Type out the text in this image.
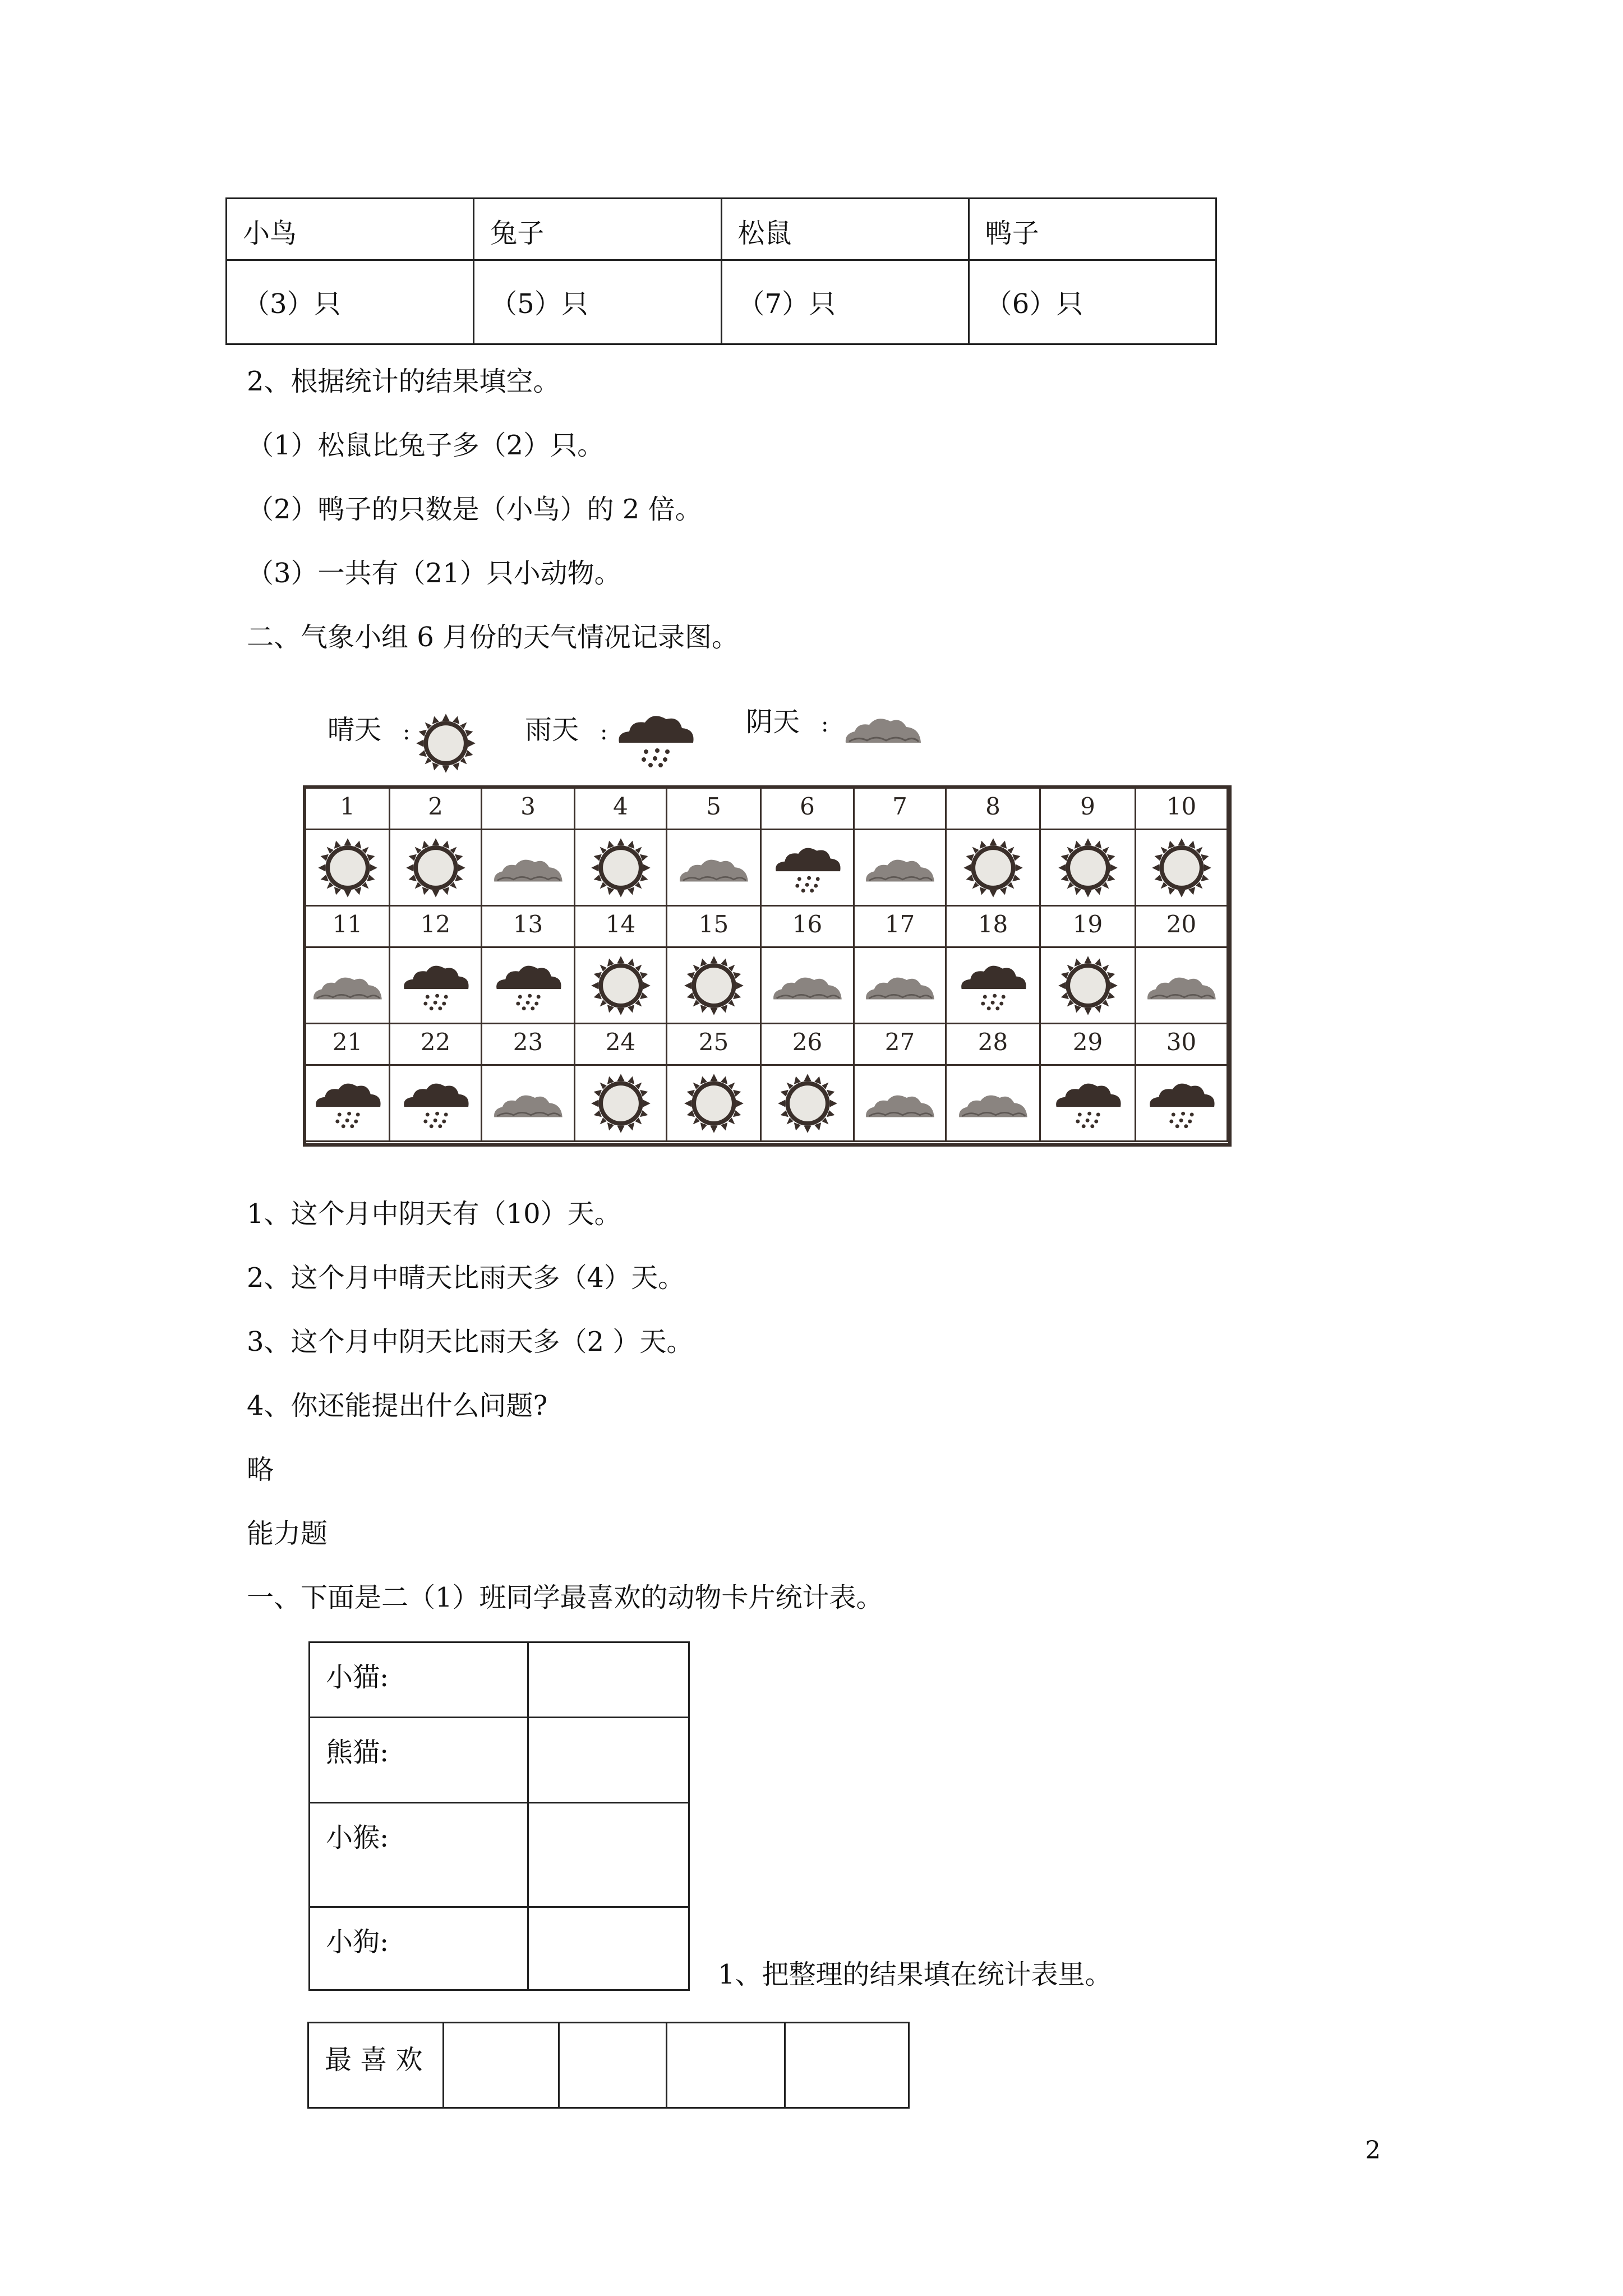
小鸟	兔子	松鼠	鸭子
（3）只	（5）只	（7）只	（6）只
2、根据统计的结果填空。
（1）松鼠比兔子多（2）只。
（2）鸭子的只数是（小鸟）的 2 倍。
（3）一共有（21）只小动物。
二、气象小组 6 月份的天气情况记录图。
晴天 :	雨天 :	阴天 :
1	2	3	4	5	6	7	8	9	10
11	12	13	14	15	16	17	18	19	20
21	22	23	24	25	26	27	28	29	30
1、这个月中阴天有（10）天。
2、这个月中晴天比雨天多（4）天。
3、这个月中阴天比雨天多（2 ）天。
4、你还能提出什么问题?
略
能力题
一、下面是二（1）班同学最喜欢的动物卡片统计表。
小猫:	
熊猫:	
小猴:	
小狗:	
1、把整理的结果填在统计表里。
最 喜 欢				
2
